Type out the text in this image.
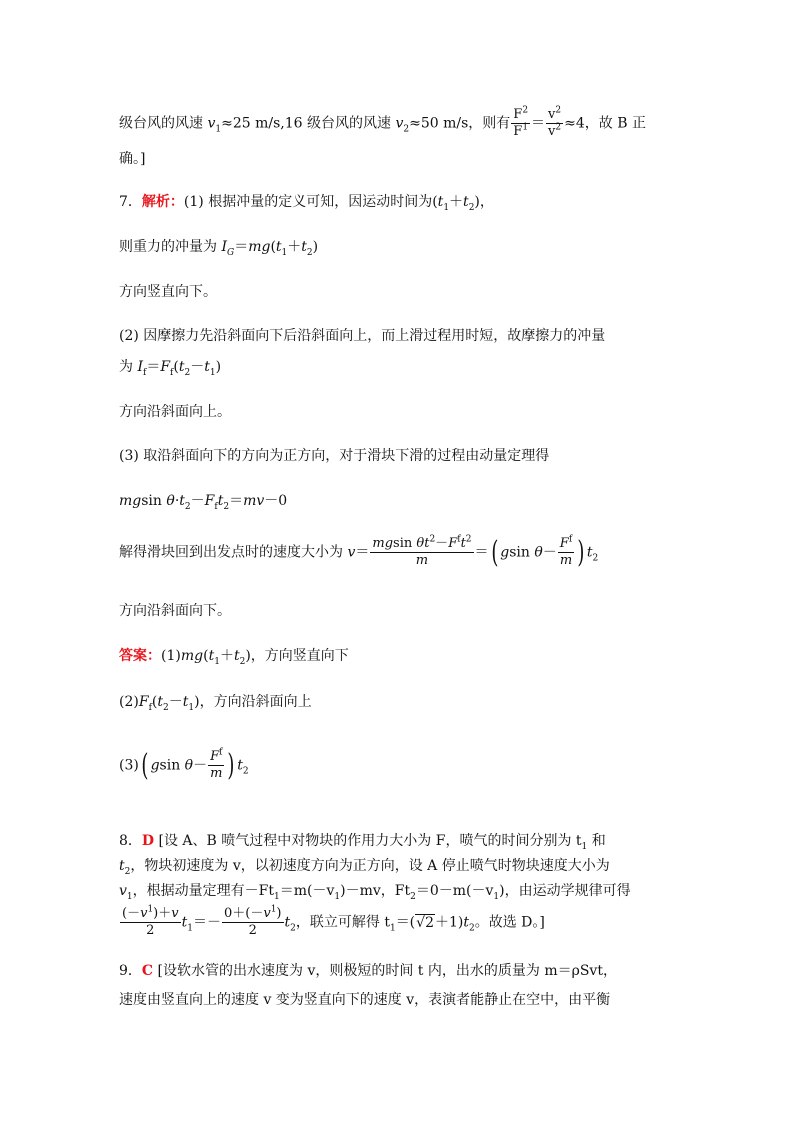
级台风的风速 $v_1\approx 25$ m/s,16 级台风的风速 $v_2\approx 50$ m/s，则有 $\frac{F^2}{F^1} = \frac{v^2}{v^2} \approx 4$，故 B 正
确。]
7．解析：(1) 根据冲量的定义可知，因运动时间为$(t_1+t_2)$，
则重力的冲量为 $I_G=mg(t_1+t_2)$
方向竖直向下。
(2) 因摩擦力先沿斜面向下后沿斜面向上，而上滑过程用时短，故摩擦力的冲量
为 $I_f=F_f(t_2-t_1)$
方向沿斜面向上。
(3) 取沿斜面向下的方向为正方向，对于滑块下滑的过程由动量定理得
mgsin $\theta\cdot t_2-F_ft_2=mv-0$
解得滑块回到出发点时的速度大小为 $v= \frac{mgsin \theta t^2-F^ft^2}{m}$ ＝( gsin $\theta- \frac{F^f}{m}$ ) $t_2$
方向沿斜面向下。
答案：$(1)mg(t_1+t_2)$，方向竖直向下
$(2)F_f(t_2-t_1)$，方向沿斜面向上
(3)( gsin $\theta- \frac{F^f}{m}$ ) $t_2$
8．D [设 A、B 喷气过程中对物块的作用力大小为 F，喷气的时间分别为 $t_1$ 和
$t_2$，物块初速度为 v，以初速度方向为正方向，设 A 停止喷气时物块速度大小为
$v_1$，根据动量定理有$-Ft_1=m(-v_1)-mv$，$Ft_2=0-m(-v_1)$，由运动学规律可得
$\frac{(-v^1)+v}{2} t_1=- \frac{0+(-v^1)}{2} t_2$，联立可解得 $t_1=(√2+1)t_2$。故选 D。]
9．C [设软水管的出水速度为 v，则极短的时间 t 内，出水的质量为 m＝ρSvt，
速度由竖直向上的速度 v 变为竖直向下的速度 v，表演者能静止在空中，由平衡
